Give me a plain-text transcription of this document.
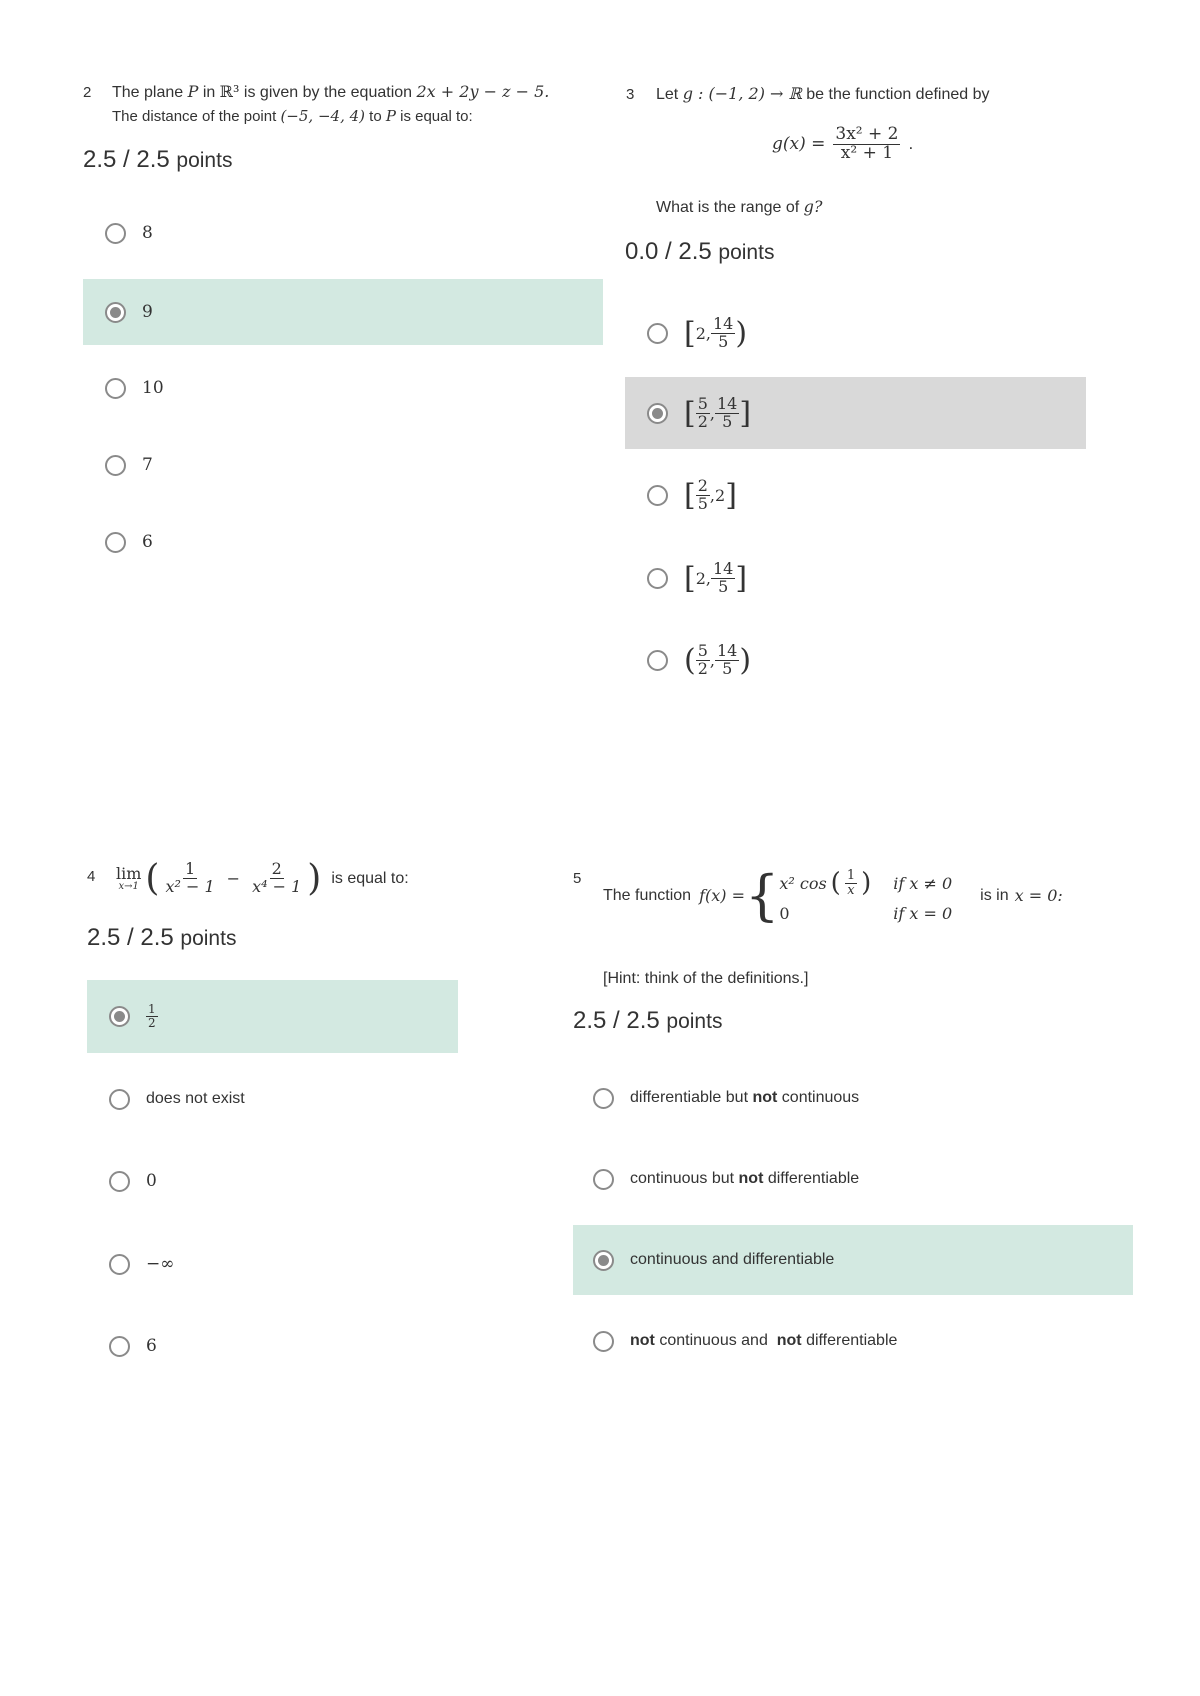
2 The plane P in ℝ³ is given by the equation 2x + 2y − z − 5.
The distance of the point (−5, −4, 4) to P is equal to:
2.5 / 2.5 points
8
9
10
7
6
3 Let g : (−1, 2) → ℝ be the function defined by
$g(x) = \frac{\text{3x² + 2}}{\text{x² + 1}}$ .
What is the range of g?
0.0 / 2.5 points
[ 2, $\frac{14}{5}$ )
[ $\frac{5}{2}$ , $\frac{14}{5}$ ]
[ $\frac{2}{5}$ , 2 ]
[ 2, $\frac{14}{5}$ ]
( $\frac{5}{2}$ , $\frac{14}{5}$ )
4 lim
x→1 ( $\frac{1}{\text{x² − 1}} - \frac{2}{\text{x⁴ − 1}}$ ) is equal to:
2.5 / 2.5 points
$\frac{1}{2}$
does not exist
0
−∞
6
5
The function f(x) = { x² cos ( $\frac{1}{x}$ ) if x ≠ 0
0	if x = 0
is in x = 0:
[Hint: think of the definitions.]
2.5 / 2.5 points
differentiable but not continuous
continuous but not differentiable
continuous and differentiable
not continuous and  not differentiable
